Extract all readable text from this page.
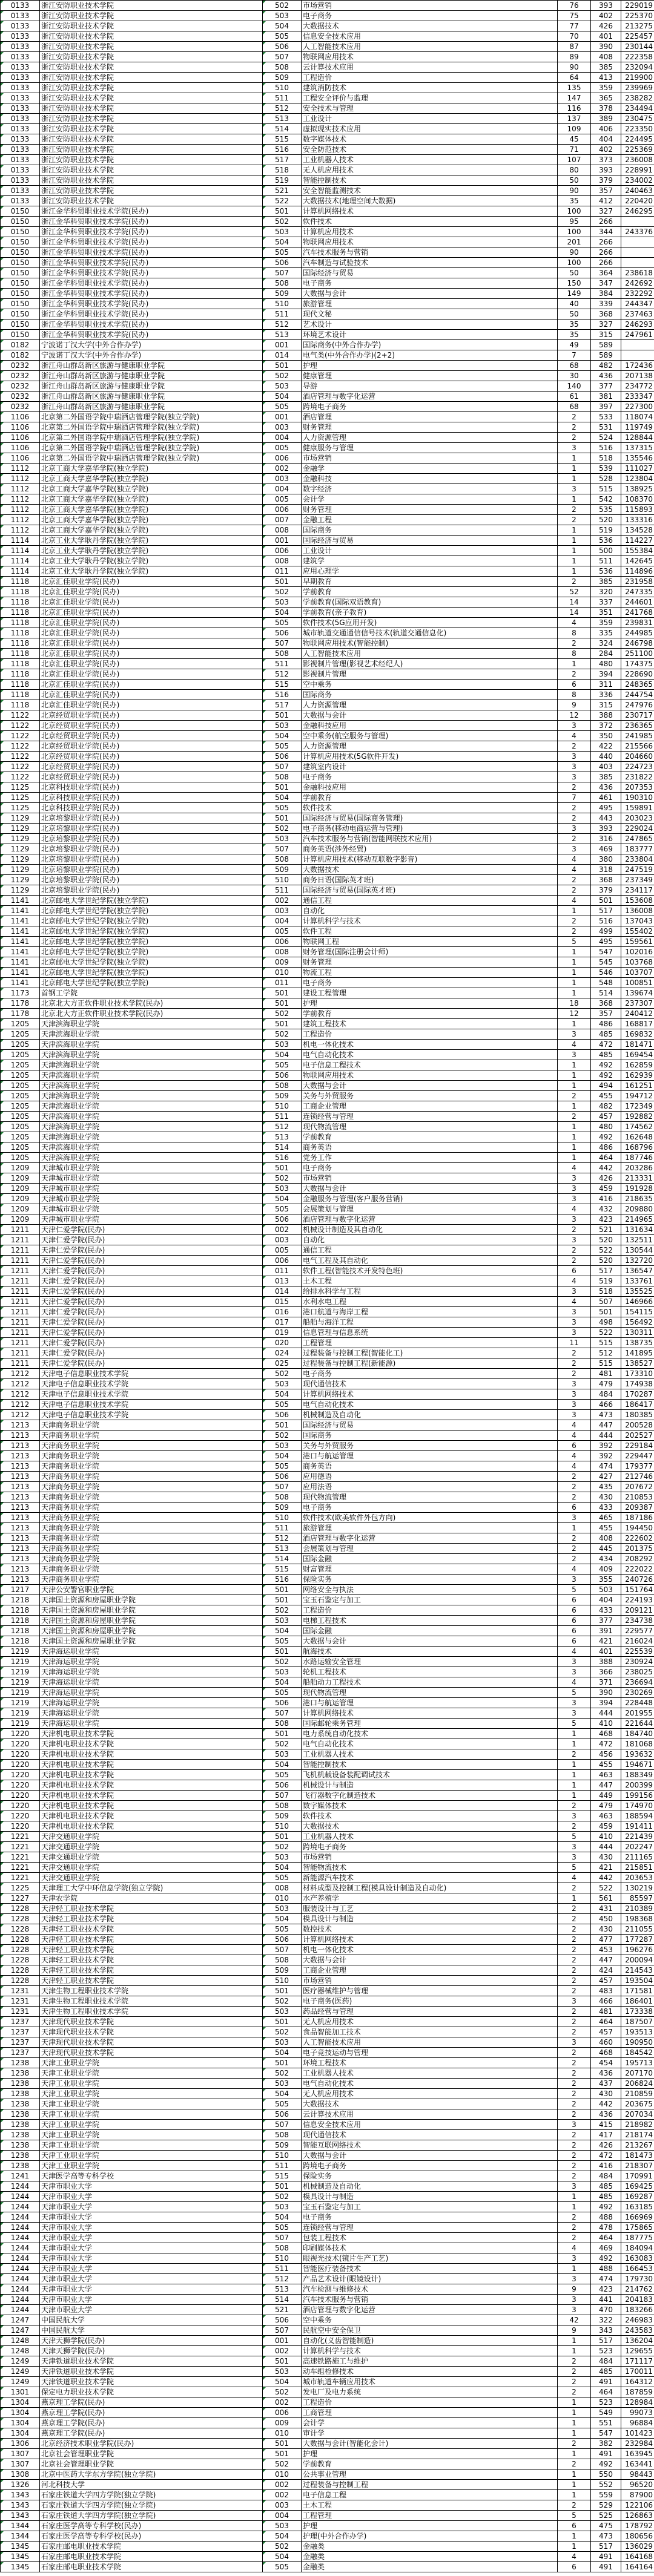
0133	浙江安防职业技术学院	502	市场营销	76	393	229019
0133	浙江安防职业技术学院	503	电子商务	75	402	225370
0133	浙江安防职业技术学院	504	大数据技术	77	426	213275
0133	浙江安防职业技术学院	505	信息安全技术应用	70	401	225457
0133	浙江安防职业技术学院	506	人工智能技术应用	87	390	230144
0133	浙江安防职业技术学院	507	物联网应用技术	89	408	222358
0133	浙江安防职业技术学院	508	云计算技术应用	90	385	232094
0133	浙江安防职业技术学院	509	工程造价	64	413	219900
0133	浙江安防职业技术学院	510	建筑消防技术	135	359	239969
0133	浙江安防职业技术学院	511	工程安全评价与监理	147	365	238282
0133	浙江安防职业技术学院	512	安全技术与管理	116	378	234494
0133	浙江安防职业技术学院	513	工业设计	137	389	230475
0133	浙江安防职业技术学院	514	虚拟现实技术应用	109	406	223350
0133	浙江安防职业技术学院	515	数字媒体技术	45	404	224495
0133	浙江安防职业技术学院	516	安全防范技术	71	402	225369
0133	浙江安防职业技术学院	517	工业机器人技术	107	373	236008
0133	浙江安防职业技术学院	518	无人机应用技术	80	393	228991
0133	浙江安防职业技术学院	519	智能控制技术	50	379	234002
0133	浙江安防职业技术学院	521	安全智能监测技术	90	357	240463
0133	浙江安防职业技术学院	522	大数据技术(地理空间大数据)	35	412	220420
0150	浙江金华科贸职业技术学院(民办)	501	计算机网络技术	100	327	246295
0150	浙江金华科贸职业技术学院(民办)	502	软件技术	95	266	
0150	浙江金华科贸职业技术学院(民办)	503	计算机应用技术	100	344	243376
0150	浙江金华科贸职业技术学院(民办)	504	物联网应用技术	201	266	
0150	浙江金华科贸职业技术学院(民办)	505	汽车技术服务与营销	90	266	
0150	浙江金华科贸职业技术学院(民办)	506	汽车制造与试验技术	100	266	
0150	浙江金华科贸职业技术学院(民办)	507	国际经济与贸易	50	364	238618
0150	浙江金华科贸职业技术学院(民办)	508	电子商务	150	347	242692
0150	浙江金华科贸职业技术学院(民办)	509	大数据与会计	149	384	232292
0150	浙江金华科贸职业技术学院(民办)	510	旅游管理	40	339	244347
0150	浙江金华科贸职业技术学院(民办)	511	现代文秘	50	368	237463
0150	浙江金华科贸职业技术学院(民办)	512	艺术设计	35	327	246293
0150	浙江金华科贸职业技术学院(民办)	513	环境艺术设计	35	315	247961
0182	宁波诺丁汉大学(中外合作办学)	001	国际商务(中外合作办学)	49	589	
0182	宁波诺丁汉大学(中外合作办学)	014	电气类(中外合作办学)(2+2)	7	589	
0232	浙江舟山群岛新区旅游与健康职业学院	501	护理	68	482	172436
0232	浙江舟山群岛新区旅游与健康职业学院	502	健康管理	30	436	207138
0232	浙江舟山群岛新区旅游与健康职业学院	503	导游	140	377	234772
0232	浙江舟山群岛新区旅游与健康职业学院	504	酒店管理与数字化运营	61	381	233347
0232	浙江舟山群岛新区旅游与健康职业学院	505	跨境电子商务	68	397	227300
1106	北京第二外国语学院中瑞酒店管理学院(独立学院)	001	酒店管理	2	533	118074
1106	北京第二外国语学院中瑞酒店管理学院(独立学院)	003	财务管理	2	531	119749
1106	北京第二外国语学院中瑞酒店管理学院(独立学院)	004	人力资源管理	2	524	128844
1106	北京第二外国语学院中瑞酒店管理学院(独立学院)	005	健康服务与管理	3	516	137315
1106	北京第二外国语学院中瑞酒店管理学院(独立学院)	006	市场营销	1	518	135546
1112	北京工商大学嘉华学院(独立学院)	002	金融学	1	539	111027
1112	北京工商大学嘉华学院(独立学院)	003	金融科技	1	528	123804
1112	北京工商大学嘉华学院(独立学院)	004	数字经济	3	515	138925
1112	北京工商大学嘉华学院(独立学院)	005	会计学	1	542	108370
1112	北京工商大学嘉华学院(独立学院)	006	财务管理	2	535	115893
1112	北京工商大学嘉华学院(独立学院)	007	金融工程	2	520	133316
1112	北京工商大学嘉华学院(独立学院)	008	国际商务	1	519	134528
1114	北京工业大学耿丹学院(独立学院)	001	国际经济与贸易	1	536	114227
1114	北京工业大学耿丹学院(独立学院)	006	工业设计	1	500	155384
1114	北京工业大学耿丹学院(独立学院)	008	建筑学	1	511	142645
1114	北京工业大学耿丹学院(独立学院)	011	应用心理学	1	536	114896
1118	北京汇佳职业学院(民办)	501	早期教育	2	385	231958
1118	北京汇佳职业学院(民办)	502	学前教育	52	320	247335
1118	北京汇佳职业学院(民办)	503	学前教育(国际双语教育)	14	337	244601
1118	北京汇佳职业学院(民办)	504	学前教育(亲子教育)	14	351	241768
1118	北京汇佳职业学院(民办)	505	软件技术(5G应用开发)	4	359	239831
1118	北京汇佳职业学院(民办)	506	城市轨道交通通信信号技术(轨道交通信息化)	8	335	244985
1118	北京汇佳职业学院(民办)	507	物联网应用技术(智能控制)	2	324	246798
1118	北京汇佳职业学院(民办)	508	人工智能技术应用	8	284	251100
1118	北京汇佳职业学院(民办)	511	影视制片管理(影视艺术经纪人)	1	480	174375
1118	北京汇佳职业学院(民办)	512	影视制片管理	2	394	228690
1118	北京汇佳职业学院(民办)	515	空中乘务	6	311	248365
1118	北京汇佳职业学院(民办)	516	国际商务	8	336	244754
1118	北京汇佳职业学院(民办)	517	人力资源管理	9	315	247976
1122	北京经贸职业学院(民办)	501	大数据与会计	12	388	230717
1122	北京经贸职业学院(民办)	503	金融科技应用	3	372	236365
1122	北京经贸职业学院(民办)	504	空中乘务(航空服务与管理)	4	350	241985
1122	北京经贸职业学院(民办)	505	人力资源管理	2	422	215566
1122	北京经贸职业学院(民办)	506	计算机应用技术(5G软件开发)	3	440	204660
1122	北京经贸职业学院(民办)	507	建筑室内设计	3	403	224723
1122	北京经贸职业学院(民办)	508	电子商务	3	385	231822
1125	北京科技职业学院(民办)	501	金融科技应用	2	436	207353
1125	北京科技职业学院(民办)	504	学前教育	7	461	190310
1125	北京科技职业学院(民办)	505	软件技术	2	495	159891
1129	北京培黎职业学院(民办)	501	国际经济与贸易(国际商务管理)	2	443	203023
1129	北京培黎职业学院(民办)	502	电子商务(移动电商运营与管理)	3	393	229024
1129	北京培黎职业学院(民办)	503	汽车技术服务与营销(智能网联技术应用)	2	316	247865
1129	北京培黎职业学院(民办)	507	商务英语(涉外经贸)	3	469	183777
1129	北京培黎职业学院(民办)	508	计算机应用技术(移动互联数字影音)	4	380	233804
1129	北京培黎职业学院(民办)	509	大数据技术	4	318	247519
1129	北京培黎职业学院(民办)	510	商务日语(国际英才班)	2	368	237349
1129	北京培黎职业学院(民办)	511	国际经济与贸易(国际英才班)	2	379	234117
1141	北京邮电大学世纪学院(独立学院)	002	通信工程	4	501	153608
1141	北京邮电大学世纪学院(独立学院)	003	自动化	1	517	136008
1141	北京邮电大学世纪学院(独立学院)	004	计算机科学与技术	2	516	137043
1141	北京邮电大学世纪学院(独立学院)	005	软件工程	2	499	155402
1141	北京邮电大学世纪学院(独立学院)	006	物联网工程	5	495	159561
1141	北京邮电大学世纪学院(独立学院)	008	财务管理(国际注册会计师)	1	547	102016
1141	北京邮电大学世纪学院(独立学院)	009	财务管理	1	545	103768
1141	北京邮电大学世纪学院(独立学院)	010	物流工程	1	546	103707
1141	北京邮电大学世纪学院(独立学院)	011	电子商务	1	548	100851
1173	首钢工学院	501	建设工程管理	1	514	139674
1178	北京北大方正软件职业技术学院(民办)	501	护理	18	368	237307
1178	北京北大方正软件职业技术学院(民办)	502	学前教育	12	357	240412
1205	天津滨海职业学院	501	建筑工程技术	1	486	168817
1205	天津滨海职业学院	502	工程造价	3	485	169832
1205	天津滨海职业学院	503	机电一体化技术	4	472	181471
1205	天津滨海职业学院	504	电气自动化技术	3	485	169454
1205	天津滨海职业学院	505	电子信息工程技术	1	492	162859
1205	天津滨海职业学院	506	物联网应用技术	1	492	162939
1205	天津滨海职业学院	508	大数据与会计	1	494	161251
1205	天津滨海职业学院	509	关务与外贸服务	2	455	194712
1205	天津滨海职业学院	510	工商企业管理	1	482	172349
1205	天津滨海职业学院	511	连锁经营与管理	2	457	192882
1205	天津滨海职业学院	512	现代物流管理	1	480	174562
1205	天津滨海职业学院	513	学前教育	1	492	162648
1205	天津滨海职业学院	514	商务英语	1	486	168796
1205	天津滨海职业学院	516	党务工作	1	464	187746
1209	天津城市职业学院	501	电子商务	4	442	203286
1209	天津城市职业学院	502	市场营销	3	426	213331
1209	天津城市职业学院	503	大数据与会计	3	459	191928
1209	天津城市职业学院	504	金融服务与管理(客户服务营销)	3	416	218635
1209	天津城市职业学院	505	会展策划与管理	4	432	209880
1209	天津城市职业学院	506	酒店管理与数字化运营	3	423	214965
1211	天津仁爱学院(民办)	002	机械设计制造及其自动化	2	521	131634
1211	天津仁爱学院(民办)	003	自动化	3	520	132511
1211	天津仁爱学院(民办)	005	通信工程	2	522	130544
1211	天津仁爱学院(民办)	006	电气工程及其自动化	2	520	132720
1211	天津仁爱学院(民办)	011	软件工程(智能技术开发特色班)	6	517	136547
1211	天津仁爱学院(民办)	013	土木工程	4	519	133761
1211	天津仁爱学院(民办)	014	给排水科学与工程	3	518	135525
1211	天津仁爱学院(民办)	015	水利水电工程	4	507	146966
1211	天津仁爱学院(民办)	016	港口航道与海岸工程	3	501	154115
1211	天津仁爱学院(民办)	017	船舶与海洋工程	3	498	156492
1211	天津仁爱学院(民办)	019	信息管理与信息系统	3	522	130311
1211	天津仁爱学院(民办)	020	工程管理	11	515	138735
1211	天津仁爱学院(民办)	024	过程装备与控制工程(智能化工)	2	512	141895
1211	天津仁爱学院(民办)	025	过程装备与控制工程(新能源)	2	515	138527
1212	天津电子信息职业技术学院	502	电子商务	2	481	173310
1212	天津电子信息职业技术学院	503	现代通信技术	3	479	174938
1212	天津电子信息职业技术学院	504	计算机网络技术	3	484	170287
1212	天津电子信息职业技术学院	505	电气自动化技术	3	466	186417
1212	天津电子信息职业技术学院	506	机械制造及自动化	3	473	180385
1213	天津商务职业学院	501	国际经济与贸易	4	447	200528
1213	天津商务职业学院	502	国际商务	4	444	202527
1213	天津商务职业学院	503	关务与外贸服务	6	392	229184
1213	天津商务职业学院	504	港口与航运管理	4	392	229447
1213	天津商务职业学院	505	商务英语	4	474	179377
1213	天津商务职业学院	506	应用德语	2	427	212746
1213	天津商务职业学院	507	应用法语	2	435	207672
1213	天津商务职业学院	508	现代物流管理	2	430	210853
1213	天津商务职业学院	509	电子商务	6	433	209387
1213	天津商务职业学院	510	软件技术(欧美软件外包方向)	3	465	187186
1213	天津商务职业学院	511	旅游管理	1	455	194450
1213	天津商务职业学院	512	酒店管理与数字化运营	2	408	222602
1213	天津商务职业学院	513	会展策划与管理	2	445	201375
1213	天津商务职业学院	514	国际金融	2	434	208292
1213	天津商务职业学院	515	财富管理	4	409	222022
1213	天津商务职业学院	516	保险实务	3	355	240726
1217	天津公安警官职业学院	501	网络安全与执法	5	503	151764
1218	天津国土资源和房屋职业学院	501	宝玉石鉴定与加工	6	404	224193
1218	天津国土资源和房屋职业学院	502	工程造价	6	433	209121
1218	天津国土资源和房屋职业学院	503	电梯工程技术	6	377	234738
1218	天津国土资源和房屋职业学院	504	国际金融	6	391	229577
1218	天津国土资源和房屋职业学院	505	大数据与会计	6	421	216024
1219	天津海运职业学院	501	航海技术	4	401	225539
1219	天津海运职业学院	502	水路运输安全管理	3	388	230924
1219	天津海运职业学院	503	轮机工程技术	3	366	238025
1219	天津海运职业学院	504	船舶动力工程技术	4	371	236694
1219	天津海运职业学院	505	现代物流管理	5	390	230269
1219	天津海运职业学院	506	港口与航运管理	3	394	228448
1219	天津海运职业学院	507	计算机网络技术	3	444	201955
1219	天津海运职业学院	508	国际邮轮乘务管理	5	410	221644
1220	天津机电职业技术学院	501	电力系统自动化技术	1	468	184740
1220	天津机电职业技术学院	502	电气自动化技术	1	472	181068
1220	天津机电职业技术学院	503	工业机器人技术	2	456	193632
1220	天津机电职业技术学院	504	智能控制技术	1	455	194671
1220	天津机电职业技术学院	505	飞机机载设备装配调试技术	1	463	188349
1220	天津机电职业技术学院	506	机械设计与制造	1	447	200399
1220	天津机电职业技术学院	507	飞行器数字化制造技术	1	449	199156
1220	天津机电职业技术学院	508	数字媒体技术	2	479	174970
1220	天津机电职业技术学院	509	软件技术	3	463	188594
1220	天津机电职业技术学院	510	大数据技术	2	459	191411
1221	天津交通职业学院	501	工业机器人技术	5	410	221439
1221	天津交通职业学院	502	跨境电子商务	3	444	202247
1221	天津交通职业学院	503	市场营销	3	430	211165
1221	天津交通职业学院	504	智能物流技术	5	421	215851
1221	天津交通职业学院	505	新能源汽车技术	4	442	203653
1225	天津理工大学中环信息学院(独立学院)	008	材料成型及控制工程(模具设计制造及自动化)	2	522	130219
1227	天津农学院	010	水产养殖学	1	561	85597
1228	天津轻工职业技术学院	503	服装设计与工艺	2	431	210389
1228	天津轻工职业技术学院	504	模具设计与制造	2	450	198368
1228	天津轻工职业技术学院	505	数控技术	2	430	211055
1228	天津轻工职业技术学院	506	计算机网络技术	2	477	177287
1228	天津轻工职业技术学院	507	机电一体化技术	2	453	196276
1228	天津轻工职业技术学院	508	大数据与会计	2	447	200094
1228	天津轻工职业技术学院	509	工商企业管理	2	424	214543
1228	天津轻工职业技术学院	510	市场营销	2	457	193504
1231	天津生物工程职业技术学院	501	医疗器械维护与管理	2	483	171581
1231	天津生物工程职业技术学院	502	电子商务(医药)	3	466	186401
1231	天津生物工程职业技术学院	503	药品经营与管理	2	481	173338
1237	天津现代职业技术学院	501	无人机应用技术	2	464	187507
1237	天津现代职业技术学院	502	食品智能加工技术	2	457	193513
1237	天津现代职业技术学院	503	人工智能技术应用	3	460	190950
1237	天津现代职业技术学院	504	电子竞技运动与管理	2	468	184542
1238	天津工业职业学院	501	环境工程技术	2	454	195713
1238	天津工业职业学院	502	工业机器人技术	2	436	207170
1238	天津工业职业学院	503	电气自动化技术	2	437	206824
1238	天津工业职业学院	504	无人机应用技术	2	430	210859
1238	天津工业职业学院	505	大数据技术	2	442	203675
1238	天津工业职业学院	506	云计算技术应用	2	436	207034
1238	天津工业职业学院	507	信息安全技术应用	3	415	218982
1238	天津工业职业学院	508	现代通信技术	2	417	218174
1238	天津工业职业学院	509	智能互联网络技术	2	426	213267
1238	天津工业职业学院	510	大数据与会计	2	472	181473
1238	天津工业职业学院	511	跨境电子商务	2	416	218307
1241	天津医学高等专科学校	515	保险实务	2	484	170991
1244	天津市职业大学	501	机械制造及自动化	3	485	169425
1244	天津市职业大学	502	模具设计与制造	1	485	169287
1244	天津市职业大学	503	宝玉石鉴定与加工	1	492	163185
1244	天津市职业大学	504	电子商务	2	488	166969
1244	天津市职业大学	505	连锁经营与管理	2	478	175865
1244	天津市职业大学	507	包装工程技术	2	464	187775
1244	天津市职业大学	508	印刷媒体技术	4	469	184094
1244	天津市职业大学	510	眼视光技术(镜片生产工艺)	3	492	163083
1244	天津市职业大学	511	智能医疗装备技术	1	488	166453
1244	天津市职业大学	512	产品艺术设计(眼镜设计)	3	474	179730
1244	天津市职业大学	513	汽车检测与维修技术	9	423	214762
1244	天津市职业大学	514	汽车技术服务与营销	3	441	204183
1244	天津市职业大学	521	酒店管理与数字化运营	3	470	183266
1247	中国民航大学	506	空中乘务	42	322	246983
1247	中国民航大学	507	民航空中安全保卫	9	343	243583
1248	天津天狮学院(民办)	001	自动化(义齿智能制造)	1	517	136204
1248	天津天狮学院(民办)	002	计算机科学与技术	1	523	129655
1249	天津铁道职业技术学院	501	高速铁路施工与维护	2	484	171117
1249	天津铁道职业技术学院	503	动车组检修技术	2	485	170011
1249	天津铁道职业技术学院	504	城市轨道车辆应用技术	2	491	164312
1301	保定电力职业技术学院	502	发电厂及电力系统	2	464	187859
1304	燕京理工学院(民办)	002	工程造价	1	523	128984
1304	燕京理工学院(民办)	006	工商管理	1	549	99073
1304	燕京理工学院(民办)	009	会计学	1	551	96884
1304	燕京理工学院(民办)	010	审计学	1	547	101423
1306	北京经济技术职业学院(民办)	501	大数据与会计(智能化会计)	2	382	232984
1307	北京社会管理职业学院	501	护理	1	491	163945
1307	北京社会管理职业学院	502	学前教育	2	492	163441
1308	北京中医药大学东方学院(独立学院)	010	公共事业管理	1	550	98443
1326	河北科技大学	002	过程装备与控制工程	1	552	96520
1343	石家庄铁道大学四方学院(独立学院)	002	电子信息工程	1	559	87900
1343	石家庄铁道大学四方学院(独立学院)	003	土木工程	2	529	122106
1343	石家庄铁道大学四方学院(独立学院)	004	工程管理	5	525	126863
1344	石家庄医学高等专科学校(民办)	503	护理	6	475	178792
1344	石家庄医学高等专科学校(民办)	504	护理(中外合作办学)	1	473	180656
1345	石家庄邮电职业技术学院	502	金融类	1	517	136029
1345	石家庄邮电职业技术学院	504	金融类	4	491	164168
1345	石家庄邮电职业技术学院	505	金融类	6	491	164164
